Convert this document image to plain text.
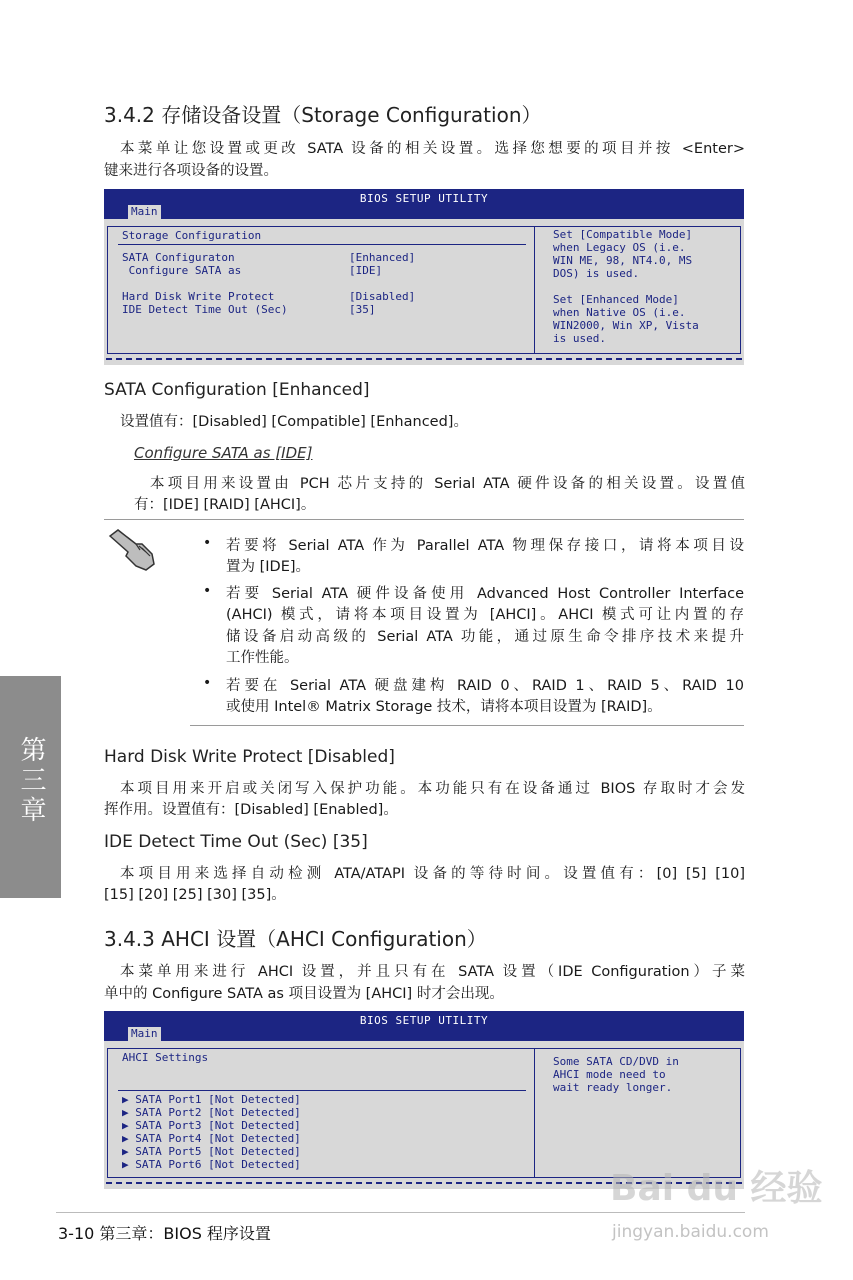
3.4.2 存储设备设置（Storage Configuration）
本菜单让您设置或更改 SATA 设备的相关设置。选择您想要的项目并按 <Enter>
键来进行各项设备的设置。
BIOS SETUP UTILITY
Main
Storage Configuration
SATA Configuraton	[Enhanced]
Configure SATA as	[IDE]
Hard Disk Write Protect	[Disabled]
IDE Detect Time Out (Sec)	[35]
Set [Compatible Mode]
when Legacy OS (i.e.
WIN ME, 98, NT4.0, MS
DOS) is used.
Set [Enhanced Mode]
when Native OS (i.e.
WIN2000, Win XP, Vista
is used.
SATA Configuration [Enhanced]
设置值有：[Disabled] [Compatible] [Enhanced]。
Configure SATA as [IDE]
本项目用来设置由 PCH 芯片支持的 Serial ATA 硬件设备的相关设置。设置值
有：[IDE] [RAID] [AHCI]。
• 若要将 Serial ATA 作为 Parallel ATA 物理保存接口，请将本项目设
置为 [IDE]。
• 若要 Serial ATA 硬件设备使用 Advanced Host Controller Interface
(AHCI) 模式，请将本项目设置为 [AHCI]。AHCI 模式可让内置的存
储设备启动高级的 Serial ATA 功能，通过原生命令排序技术来提升
工作性能。
• 若要在 Serial ATA 硬盘建构 RAID 0、RAID 1、RAID 5、RAID 10
或使用 Intel® Matrix Storage 技术，请将本项目设置为 [RAID]。
Hard Disk Write Protect [Disabled]
本项目用来开启或关闭写入保护功能。本功能只有在设备通过 BIOS 存取时才会发
挥作用。设置值有：[Disabled] [Enabled]。
IDE Detect Time Out (Sec) [35]
本项目用来选择自动检测 ATA/ATAPI 设备的等待时间。设置值有：[0] [5] [10]
[15] [20] [25] [30] [35]。
3.4.3 AHCI 设置（AHCI Configuration）
本菜单用来进行 AHCI 设置，并且只有在 SATA 设置（IDE Configuration）子菜
单中的 Configure SATA as 项目设置为 [AHCI] 时才会出现。
BIOS SETUP UTILITY
Main
AHCI Settings
▶ SATA Port1 [Not Detected]
▶ SATA Port2 [Not Detected]
▶ SATA Port3 [Not Detected]
▶ SATA Port4 [Not Detected]
▶ SATA Port5 [Not Detected]
▶ SATA Port6 [Not Detected]
Some SATA CD/DVD in
AHCI mode need to
wait ready longer.
第三章
3-10 第三章：BIOS 程序设置
Bai du 经验
jingyan.baidu.com
